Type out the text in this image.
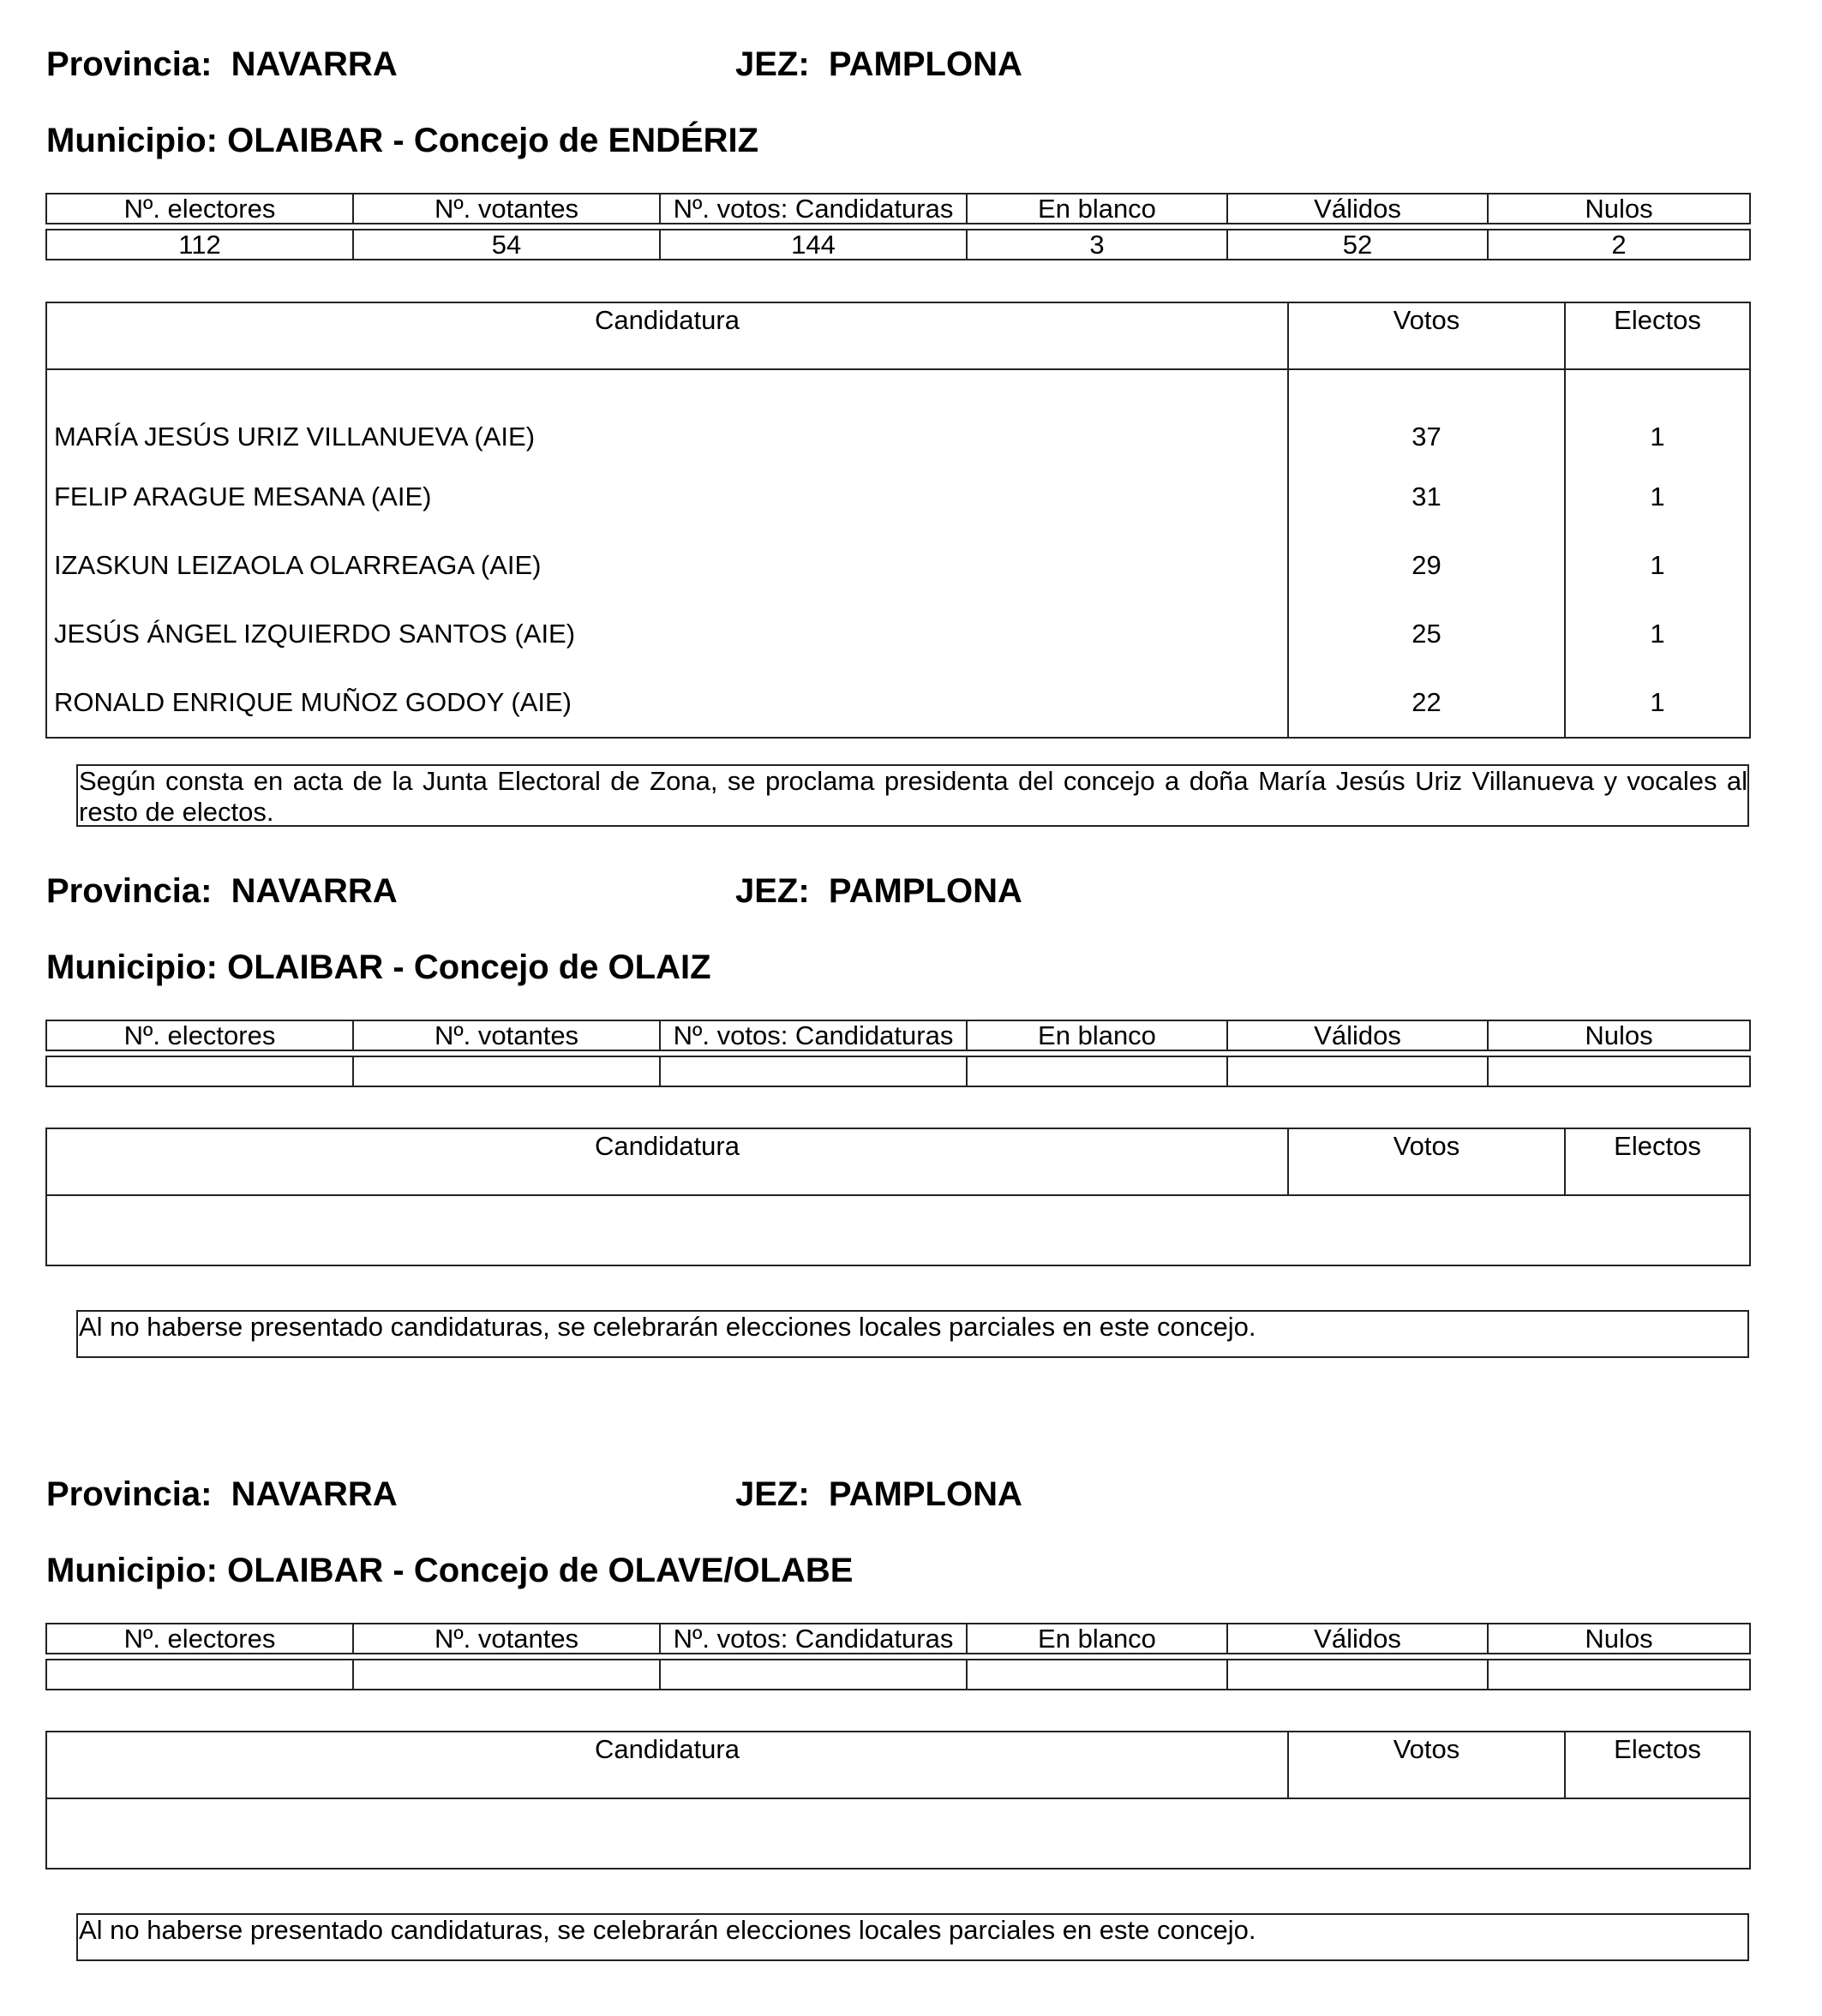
Provincia: NAVARRA	JEZ: PAMPLONA
Municipio: OLAIBAR - Concejo de ENDÉRIZ
Nº. electores	Nº. votantes	Nº. votos: Candidaturas	En blanco	Válidos	Nulos
112	54	144	3	52	2
Candidatura	Votos	Electos
MARÍA JESÚS URIZ VILLANUEVA (AIE)	37	1
FELIP ARAGUE MESANA (AIE)	31	1
IZASKUN LEIZAOLA OLARREAGA (AIE)	29	1
JESÚS ÁNGEL IZQUIERDO SANTOS (AIE)	25	1
RONALD ENRIQUE MUÑOZ GODOY (AIE)	22	1
Según consta en acta de la Junta Electoral de Zona, se proclama presidenta del concejo a doña María Jesús Uriz Villanueva y vocales al resto de electos.
Provincia: NAVARRA	JEZ: PAMPLONA
Municipio: OLAIBAR - Concejo de OLAIZ
Nº. electores	Nº. votantes	Nº. votos: Candidaturas	En blanco	Válidos	Nulos

Candidatura	Votos	Electos

Al no haberse presentado candidaturas, se celebrarán elecciones locales parciales en este concejo.
Provincia: NAVARRA	JEZ: PAMPLONA
Municipio: OLAIBAR - Concejo de OLAVE/OLABE
Nº. electores	Nº. votantes	Nº. votos: Candidaturas	En blanco	Válidos	Nulos

Candidatura	Votos	Electos

Al no haberse presentado candidaturas, se celebrarán elecciones locales parciales en este concejo.
